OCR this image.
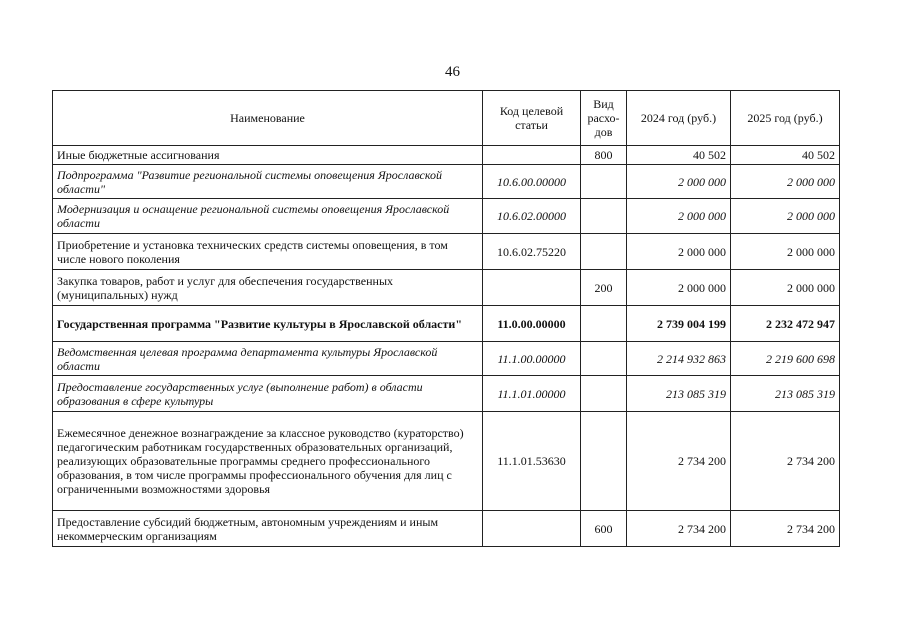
46
Наименование	Код целевой статьи	Вид расхо-дов	2024 год (руб.)	2025 год (руб.)
Иные бюджетные ассигнования		800	40 502	40 502
Подпрограмма "Развитие региональной системы оповещения Ярославской области"	10.6.00.00000		2 000 000	2 000 000
Модернизация и оснащение региональной системы оповещения Ярославской области	10.6.02.00000		2 000 000	2 000 000
Приобретение и установка технических средств системы оповещения, в том числе нового поколения	10.6.02.75220		2 000 000	2 000 000
Закупка товаров, работ и услуг для обеспечения государственных (муниципальных) нужд		200	2 000 000	2 000 000
Государственная программа "Развитие культуры в Ярославской области"	11.0.00.00000		2 739 004 199	2 232 472 947
Ведомственная целевая программа департамента культуры Ярославской области	11.1.00.00000		2 214 932 863	2 219 600 698
Предоставление государственных услуг (выполнение работ) в области образования в сфере культуры	11.1.01.00000		213 085 319	213 085 319
Ежемесячное денежное вознаграждение за классное руководство (кураторство) педагогическим работникам государственных образовательных организаций, реализующих образовательные программы среднего профессионального образования, в том числе программы профессионального обучения для лиц с ограниченными возможностями здоровья	11.1.01.53630		2 734 200	2 734 200
Предоставление субсидий бюджетным, автономным учреждениям и иным некоммерческим организациям		600	2 734 200	2 734 200
